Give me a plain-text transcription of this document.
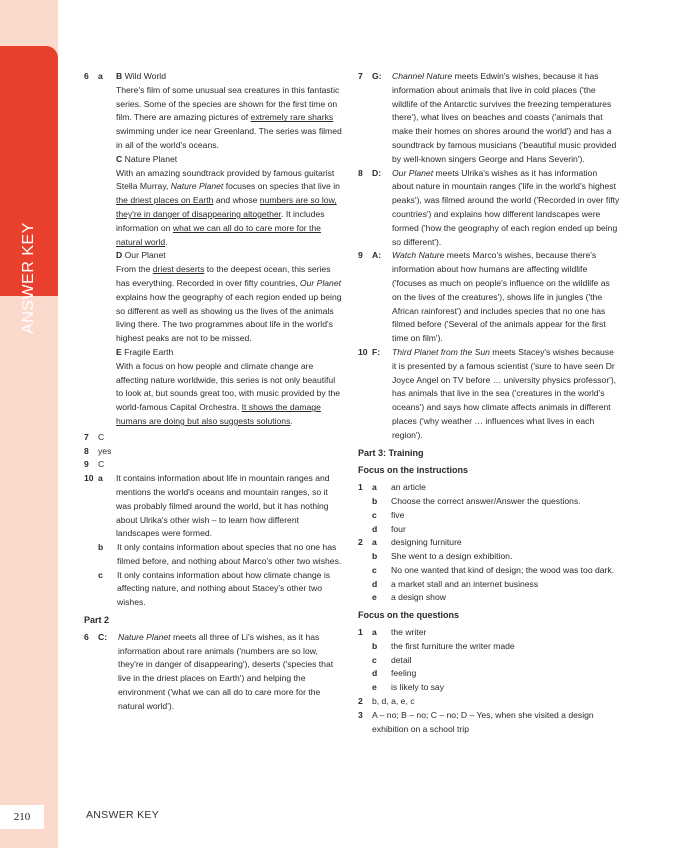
ANSWER KEY
210	ANSWER KEY
6 a B Wild World
There's film of some unusual sea creatures in this fantastic series. Some of the species are shown for the first time on film. There are amazing pictures of extremely rare sharks swimming under ice near Greenland. The series was filmed in all of the world's oceans.
C Nature Planet
With an amazing soundtrack provided by famous guitarist Stella Murray, Nature Planet focuses on species that live in the driest places on Earth and whose numbers are so low, they're in danger of disappearing altogether. It includes information on what we can all do to care more for the natural world.
D Our Planet
From the driest deserts to the deepest ocean, this series has everything. Recorded in over fifty countries, Our Planet explains how the geography of each region ended up being so different as well as showing us the lives of the animals living there. The two programmes about life in the world's highest peaks are not to be missed.
E Fragile Earth
With a focus on how people and climate change are affecting nature worldwide, this series is not only beautiful to look at, but sounds great too, with music provided by the world-famous Capital Orchestra. It shows the damage humans are doing but also suggests solutions.
7 C
8 yes
9 C
10 a It contains information about life in mountain ranges and mentions the world's oceans and mountain ranges, so it was probably filmed around the world, but it has nothing about Ulrika's other wish – to learn how different landscapes were formed.
b It only contains information about species that no one has filmed before, and nothing about Marco's other two wishes.
c It only contains information about how climate change is affecting nature, and nothing about Stacey's other two wishes.
Part 2
6 C: Nature Planet meets all three of Li's wishes, as it has information about rare animals ('numbers are so low, they're in danger of disappearing'), deserts ('species that live in the driest places on Earth') and helping the environment ('what we can all do to care more for the natural world').
7 G: Channel Nature meets Edwin's wishes, because it has information about animals that live in cold places ('the wildlife of the Antarctic survives the freezing temperatures there'), what lives on beaches and coasts ('animals that make their homes on shores around the world') and has a soundtrack by famous musicians ('beautiful music provided by well-known singers George and Hans Severin').
8 D: Our Planet meets Ulrika's wishes as it has information about nature in mountain ranges ('life in the world's highest peaks'), was filmed around the world ('Recorded in over fifty countries') and explains how different landscapes were formed ('how the geography of each region ended up being so different').
9 A: Watch Nature meets Marco's wishes, because there's information about how humans are affecting wildlife ('focuses as much on people's influence on the wildlife as on the lives of the creatures'), shows life in jungles ('the African rainforest') and includes species that no one has filmed before ('Several of the animals appear for the first time on film').
10 F: Third Planet from the Sun meets Stacey's wishes because it is presented by a famous scientist ('sure to have seen Dr Joyce Angel on TV before … university physics professor'), has animals that live in the sea ('creatures in the world's oceans') and says how climate affects animals in different places ('why weather … influences what lives in each region').
Part 3: Training
Focus on the instructions
1 a an article
b Choose the correct answer/Answer the questions.
c five
d four
2 a designing furniture
b She went to a design exhibition.
c No one wanted that kind of design; the wood was too dark.
d a market stall and an internet business
e a design show
Focus on the questions
1 a the writer
b the first furniture the writer made
c detail
d feeling
e is likely to say
2 b, d, a, e, c
3 A – no; B – no; C – no; D – Yes, when she visited a design exhibition on a school trip
